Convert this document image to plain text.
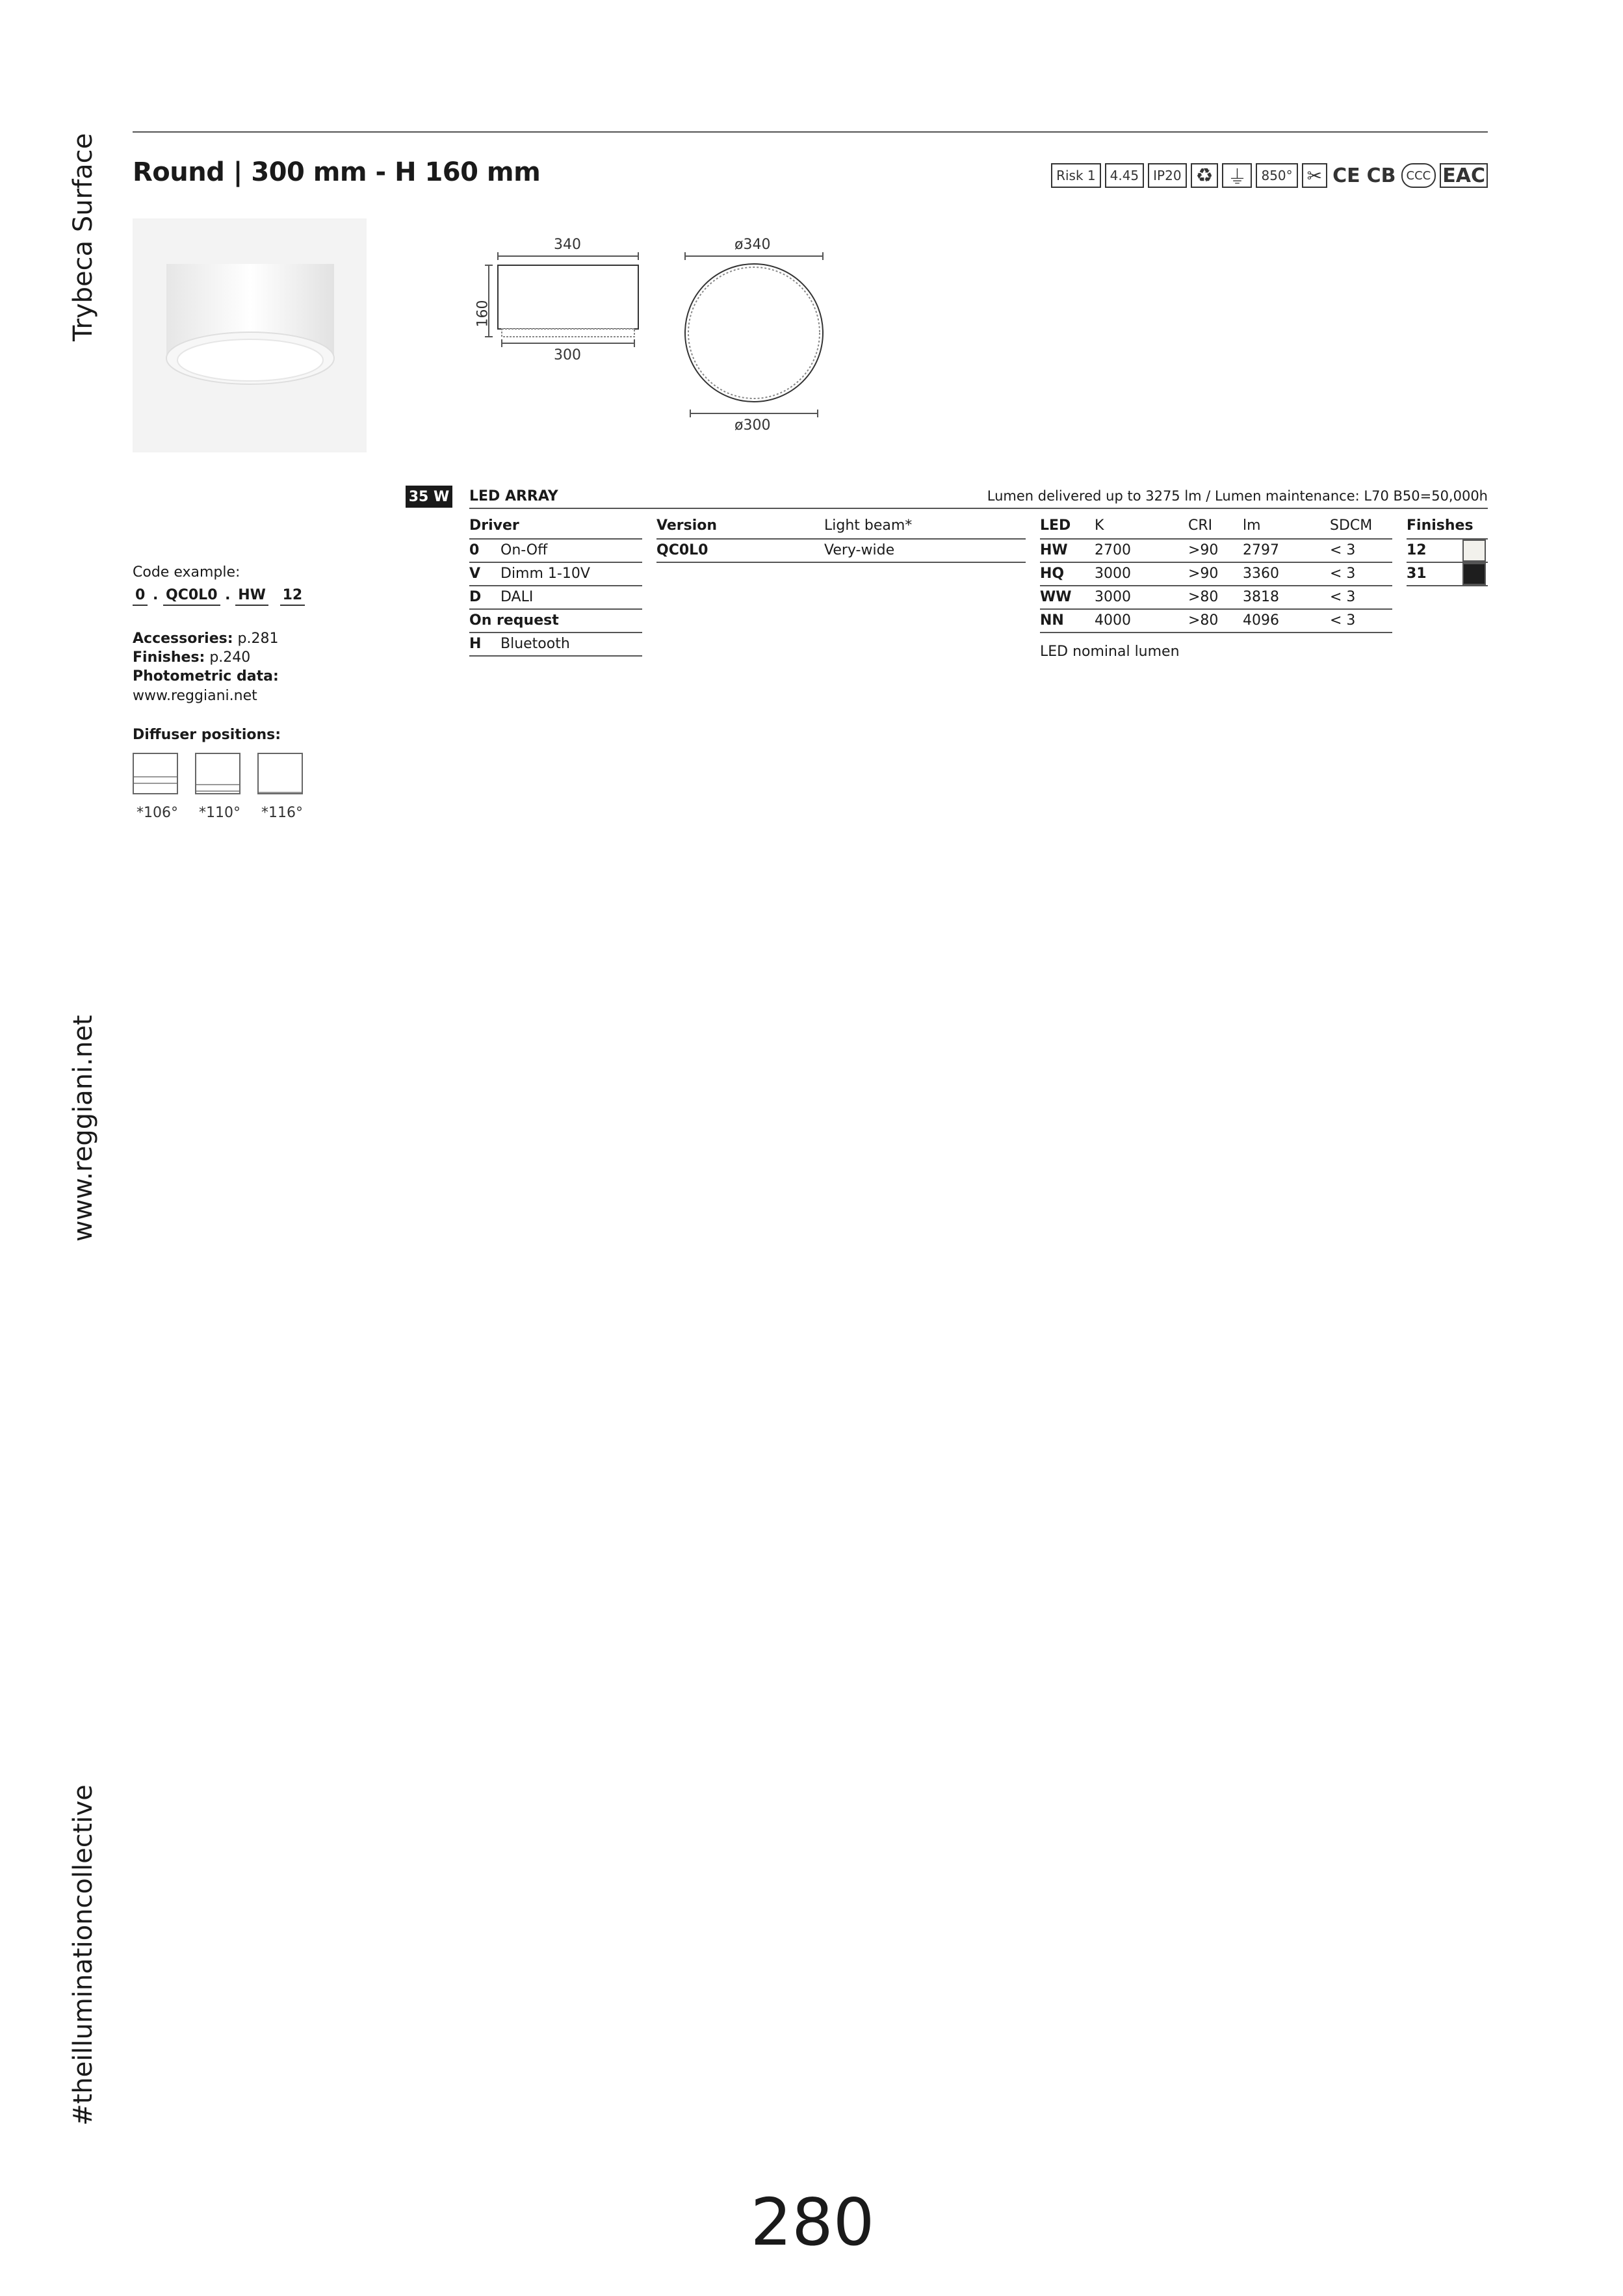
Trybeca Surface
www.reggiani.net
#theilluminationcollective
Round | 300 mm - H 160 mm	Risk 1	4.45	IP20 ♻ ⏚	850° ✂ CE CB CCC EAC
340
160
300
ø340
ø300
Code example:
0 . QC0L0 . HW 12
Accessories: p.281
Finishes: p.240
Photometric data:
www.reggiani.net
Diffuser positions:
*106° *110° *116°
35 W LED ARRAY	Lumen delivered up to 3275 lm / Lumen maintenance: L70 B50=50,000h
Driver
0 On-Off
V Dimm 1-10V
D DALI
On request
H Bluetooth
Version	Light beam*
QC0L0	Very-wide
LED K	CRI lm	SDCM
HW 2700	>90 2797	< 3
HQ 3000	>90 3360	< 3
WW 3000	>80 3818	< 3
NN 4000	>80 4096	< 3
LED nominal lumen
Finishes
12
31
280
